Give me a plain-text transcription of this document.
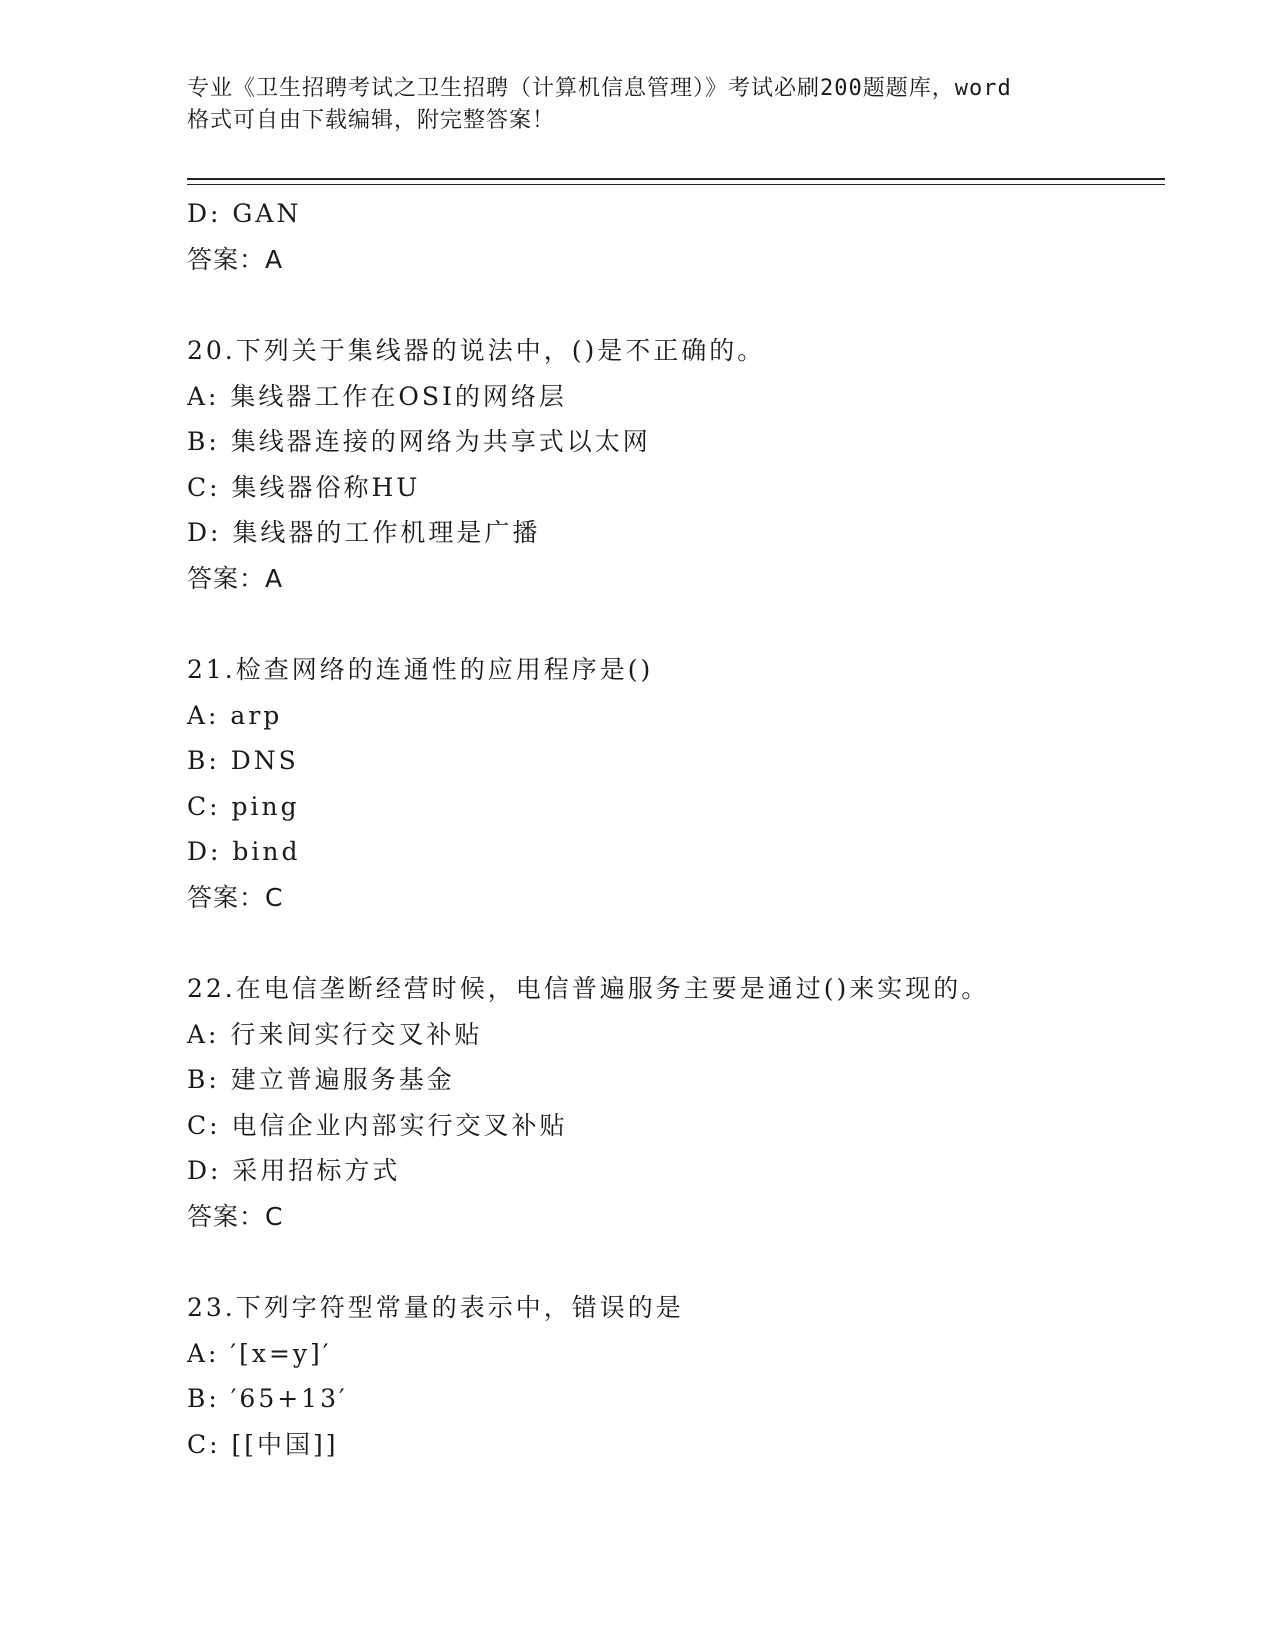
专业《卫生招聘考试之卫生招聘（计算机信息管理）》考试必刷200题题库，word
格式可自由下载编辑，附完整答案！
D: GAN
答案：A
20.下列关于集线器的说法中，()是不正确的。
A: 集线器工作在OSI的网络层
B: 集线器连接的网络为共享式以太网
C: 集线器俗称HU
D: 集线器的工作机理是广播
答案：A
21.检查网络的连通性的应用程序是()
A: arp
B: DNS
C: ping
D: bind
答案：C
22.在电信垄断经营时候，电信普遍服务主要是通过()来实现的。
A: 行来间实行交叉补贴
B: 建立普遍服务基金
C: 电信企业内部实行交叉补贴
D: 采用招标方式
答案：C
23.下列字符型常量的表示中，错误的是
A: ′[x=y]′
B: ′65+13′
C: [[中国]]
